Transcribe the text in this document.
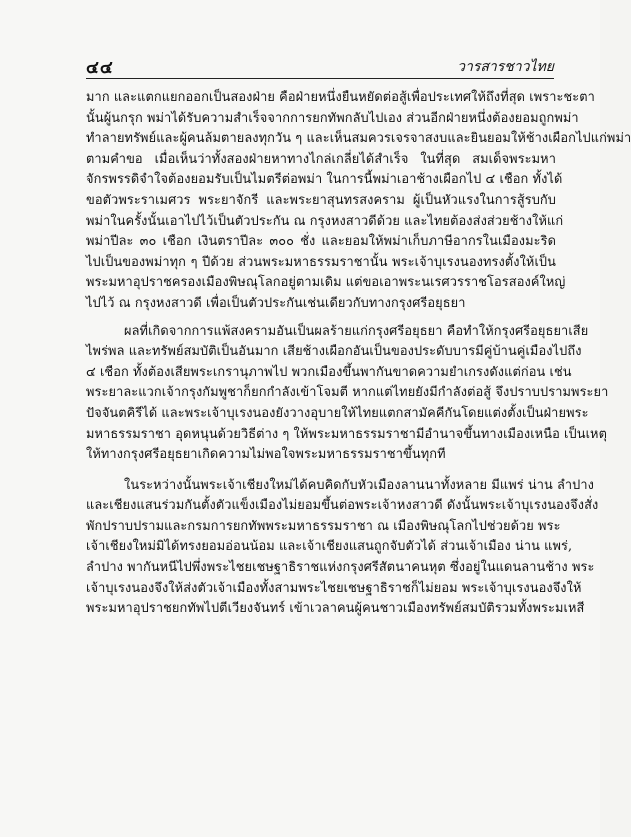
๔๔	วารสารชาวไทย
มาก และแตกแยกออกเป็นสองฝ่าย คือฝ่ายหนึ่งยืนหยัดต่อสู้เพื่อประเทศให้ถึงที่สุด เพราะชะตา
นั้นผู้นกรุก พม่าได้รับความสำเร็จจากการยกทัพกลับไปเอง ส่วนอีกฝ่ายหนึ่งต้องยอมถูกพม่า
ทำลายทรัพย์และผู้คนล้มตายลงทุกวัน ๆ และเห็นสมควรเจรจาสงบและยินยอมให้ช้างเผือกไปแก่พม่า
ตามคำขอ เมื่อเห็นว่าทั้งสองฝ่ายหาทางไกล่เกลี่ยได้สำเร็จ ในที่สุด สมเด็จพระมหา
จักรพรรดิจำใจต้องยอมรับเป็นไมตรีต่อพม่า ในการนี้พม่าเอาช้างเผือกไป ๔ เชือก ทั้งได้
ขอตัวพระราเมศวร พระยาจักรี และพระยาสุนทรสงคราม ผู้เป็นหัวแรงในการสู้รบกับ
พม่าในครั้งนั้นเอาไปไว้เป็นตัวประกัน ณ กรุงหงสาวดีด้วย และไทยต้องส่งส่วยช้างให้แก่
พม่าปีละ ๓๐ เชือก เงินตราปีละ ๓๐๐ ชั่ง และยอมให้พม่าเก็บภาษีอากรในเมืองมะริด
ไปเป็นของพม่าทุก ๆ ปีด้วย ส่วนพระมหาธรรมราชานั้น พระเจ้าบุเรงนองทรงตั้งให้เป็น
พระมหาอุปราชครองเมืองพิษณุโลกอยู่ตามเดิม แต่ขอเอาพระนเรศวรราชโอรสองค์ใหญ่
ไปไว้ ณ กรุงหงสาวดี เพื่อเป็นตัวประกันเช่นเดียวกับทางกรุงศรีอยุธยา
ผลที่เกิดจากการแพ้สงครามอันเป็นผลร้ายแก่กรุงศรีอยุธยา คือทำให้กรุงศรีอยุธยาเสีย
ไพร่พล และทรัพย์สมบัติเป็นอันมาก เสียช้างเผือกอันเป็นของประดับบารมีคู่บ้านคู่เมืองไปถึง
๔ เชือก ทั้งต้องเสียพระเกรานุภาพไป พวกเมืองขึ้นพากันขาดความยำเกรงดังแต่ก่อน เช่น
พระยาละแวกเจ้ากรุงกัมพูชาก็ยกกำลังเข้าโจมตี หากแต่ไทยยังมีกำลังต่อสู้ จึงปราบปรามพระยา
ปัจจันตคิรีได้ และพระเจ้าบุเรงนองยังวางอุบายให้ไทยแตกสามัคคีกันโดยแต่งตั้งเป็นฝ่ายพระ
มหาธรรมราชา อุดหนุนด้วยวิธีต่าง ๆ ให้พระมหาธรรมราชามีอำนาจขึ้นทางเมืองเหนือ เป็นเหตุ
ให้ทางกรุงศรีอยุธยาเกิดความไม่พอใจพระมหาธรรมราชาขึ้นทุกที
ในระหว่างนั้นพระเจ้าเชียงใหม่ได้คบคิดกับหัวเมืองลานนาทั้งหลาย มีแพร่ น่าน ลำปาง
และเชียงแสนร่วมกันตั้งตัวแข็งเมืองไม่ยอมขึ้นต่อพระเจ้าหงสาวดี ดังนั้นพระเจ้าบุเรงนองจึงสั่ง
พักปราบปรามและกรมการยกทัพพระมหาธรรมราชา ณ เมืองพิษณุโลกไปช่วยด้วย พระ
เจ้าเชียงใหม่มิได้ทรงยอมอ่อนน้อม และเจ้าเชียงแสนถูกจับตัวได้ ส่วนเจ้าเมือง น่าน แพร่,
ลำปาง พากันหนีไปพึ่งพระไชยเชษฐาธิราชแห่งกรุงศรีสัตนาคนหุต ซึ่งอยู่ในแดนลานช้าง พระ
เจ้าบุเรงนองจึงให้ส่งตัวเจ้าเมืองทั้งสามพระไชยเชษฐาธิราชก็ไม่ยอม พระเจ้าบุเรงนองจึงให้
พระมหาอุปราชยกทัพไปตีเวียงจันทร์ เข้าเวลาคนผู้คนชาวเมืองทรัพย์สมบัติรวมทั้งพระมเหสี
